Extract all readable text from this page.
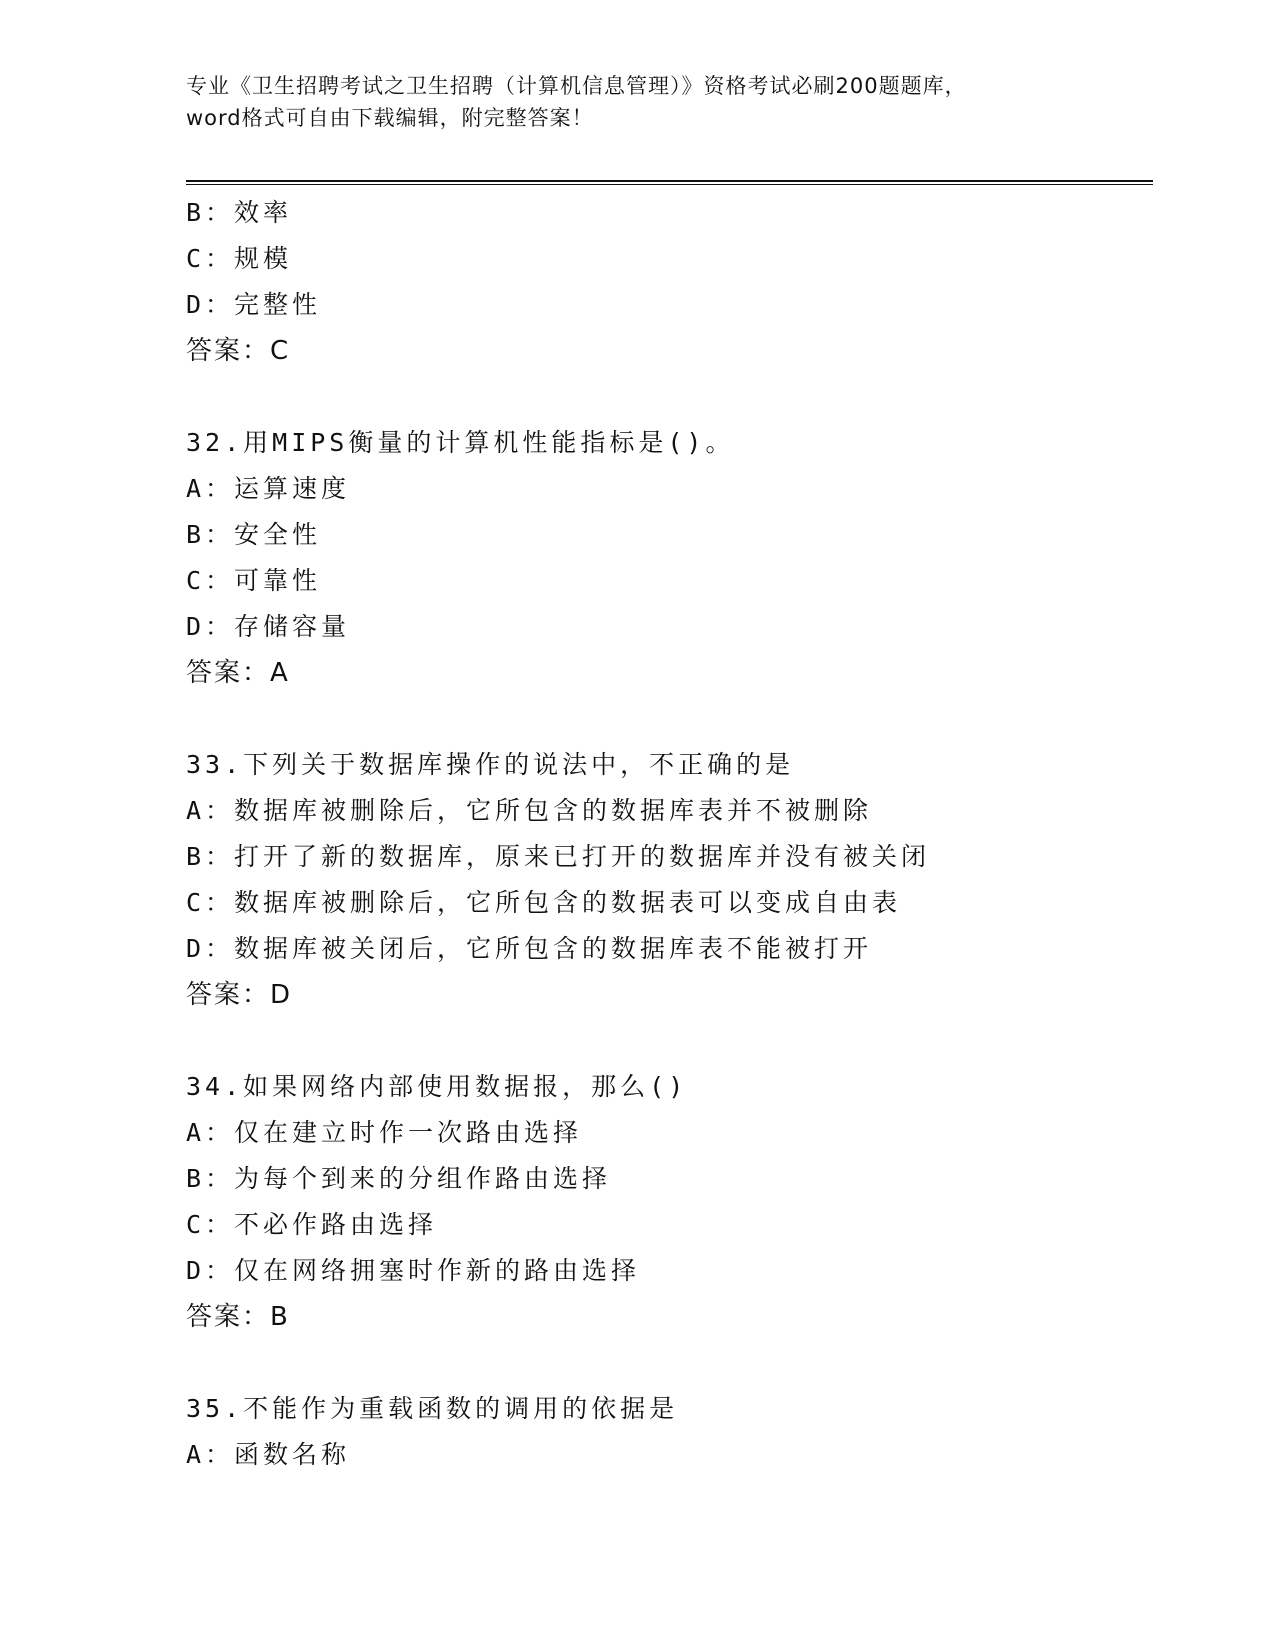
专业《卫生招聘考试之卫生招聘（计算机信息管理）》资格考试必刷200题题库，
word格式可自由下载编辑，附完整答案！
B：效率
C：规模
D：完整性
答案：C
32.用MIPS衡量的计算机性能指标是()。
A：运算速度
B：安全性
C：可靠性
D：存储容量
答案：A
33.下列关于数据库操作的说法中，不正确的是
A：数据库被删除后，它所包含的数据库表并不被删除
B：打开了新的数据库，原来已打开的数据库并没有被关闭
C：数据库被删除后，它所包含的数据表可以变成自由表
D：数据库被关闭后，它所包含的数据库表不能被打开
答案：D
34.如果网络内部使用数据报，那么()
A：仅在建立时作一次路由选择
B：为每个到来的分组作路由选择
C：不必作路由选择
D：仅在网络拥塞时作新的路由选择
答案：B
35.不能作为重载函数的调用的依据是
A：函数名称
